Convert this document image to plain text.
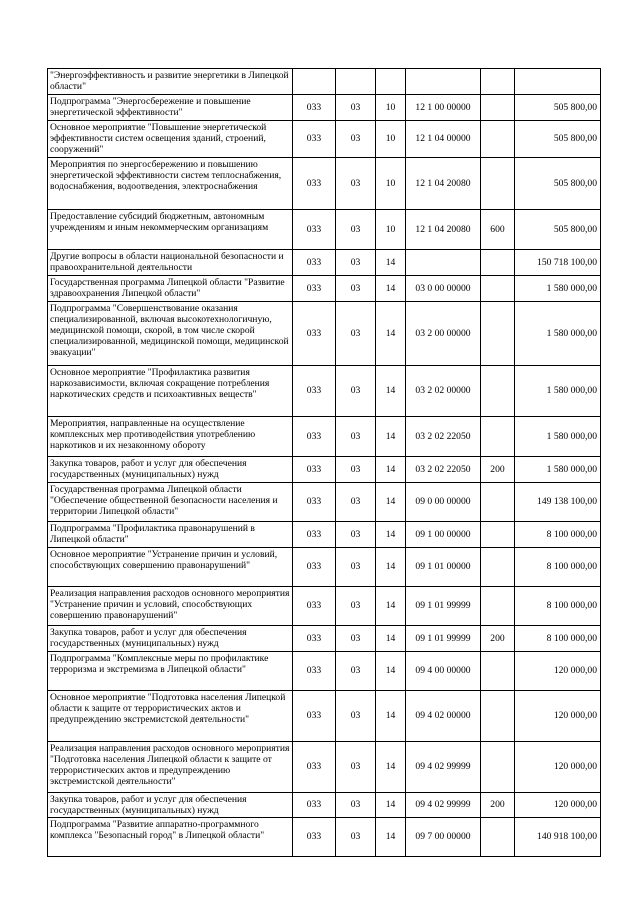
"Энергоэффективность и развитие энергетики в Липецкой области"						
Подпрограмма "Энергосбережение и повышение энергетической эффективности"	033	03	10	12 1 00 00000		505 800,00
Основное мероприятие "Повышение энергетической эффективности систем освещения зданий, строений, сооружений"	033	03	10	12 1 04 00000		505 800,00
Мероприятия по энергосбережению и повышению энергетической эффективности систем теплоснабжения, водоснабжения, водоотведения, электроснабжения	033	03	10	12 1 04 20080		505 800,00
Предоставление субсидий бюджетным, автономным учреждениям и иным некоммерческим организациям	033	03	10	12 1 04 20080	600	505 800,00
Другие вопросы в области национальной безопасности и правоохранительной деятельности	033	03	14			150 718 100,00
Государственная программа Липецкой области "Развитие здравоохранения Липецкой области"	033	03	14	03 0 00 00000		1 580 000,00
Подпрограмма "Совершенствование оказания специализированной, включая высокотехнологичную, медицинской помощи, скорой, в том числе скорой специализированной, медицинской помощи, медицинской эвакуации"	033	03	14	03 2 00 00000		1 580 000,00
Основное мероприятие "Профилактика развития наркозависимости, включая сокращение потребления наркотических средств и психоактивных веществ"	033	03	14	03 2 02 00000		1 580 000,00
Мероприятия, направленные на осуществление комплексных мер противодействия употреблению наркотиков и их незаконному обороту	033	03	14	03 2 02 22050		1 580 000,00
Закупка товаров, работ и услуг для обеспечения государственных (муниципальных) нужд	033	03	14	03 2 02 22050	200	1 580 000,00
Государственная программа Липецкой области "Обеспечение общественной безопасности населения и территории Липецкой области"	033	03	14	09 0 00 00000		149 138 100,00
Подпрограмма "Профилактика правонарушений в Липецкой области"	033	03	14	09 1 00 00000		8 100 000,00
Основное мероприятие "Устранение причин и условий, способствующих совершению правонарушений"	033	03	14	09 1 01 00000		8 100 000,00
Реализация направления расходов основного мероприятия "Устранение причин и условий, способствующих совершению правонарушений"	033	03	14	09 1 01 99999		8 100 000,00
Закупка товаров, работ и услуг для обеспечения государственных (муниципальных) нужд	033	03	14	09 1 01 99999	200	8 100 000,00
Подпрограмма "Комплексные меры по профилактике терроризма и экстремизма в Липецкой области"	033	03	14	09 4 00 00000		120 000,00
Основное мероприятие "Подготовка населения Липецкой области к защите от террористических актов и предупреждению экстремистской деятельности"	033	03	14	09 4 02 00000		120 000,00
Реализация направления расходов основного мероприятия "Подготовка населения Липецкой области к защите от террористических актов и предупреждению экстремистской деятельности"	033	03	14	09 4 02 99999		120 000,00
Закупка товаров, работ и услуг для обеспечения государственных (муниципальных) нужд	033	03	14	09 4 02 99999	200	120 000,00
Подпрограмма "Развитие аппаратно-программного комплекса "Безопасный город" в Липецкой области"	033	03	14	09 7 00 00000		140 918 100,00
